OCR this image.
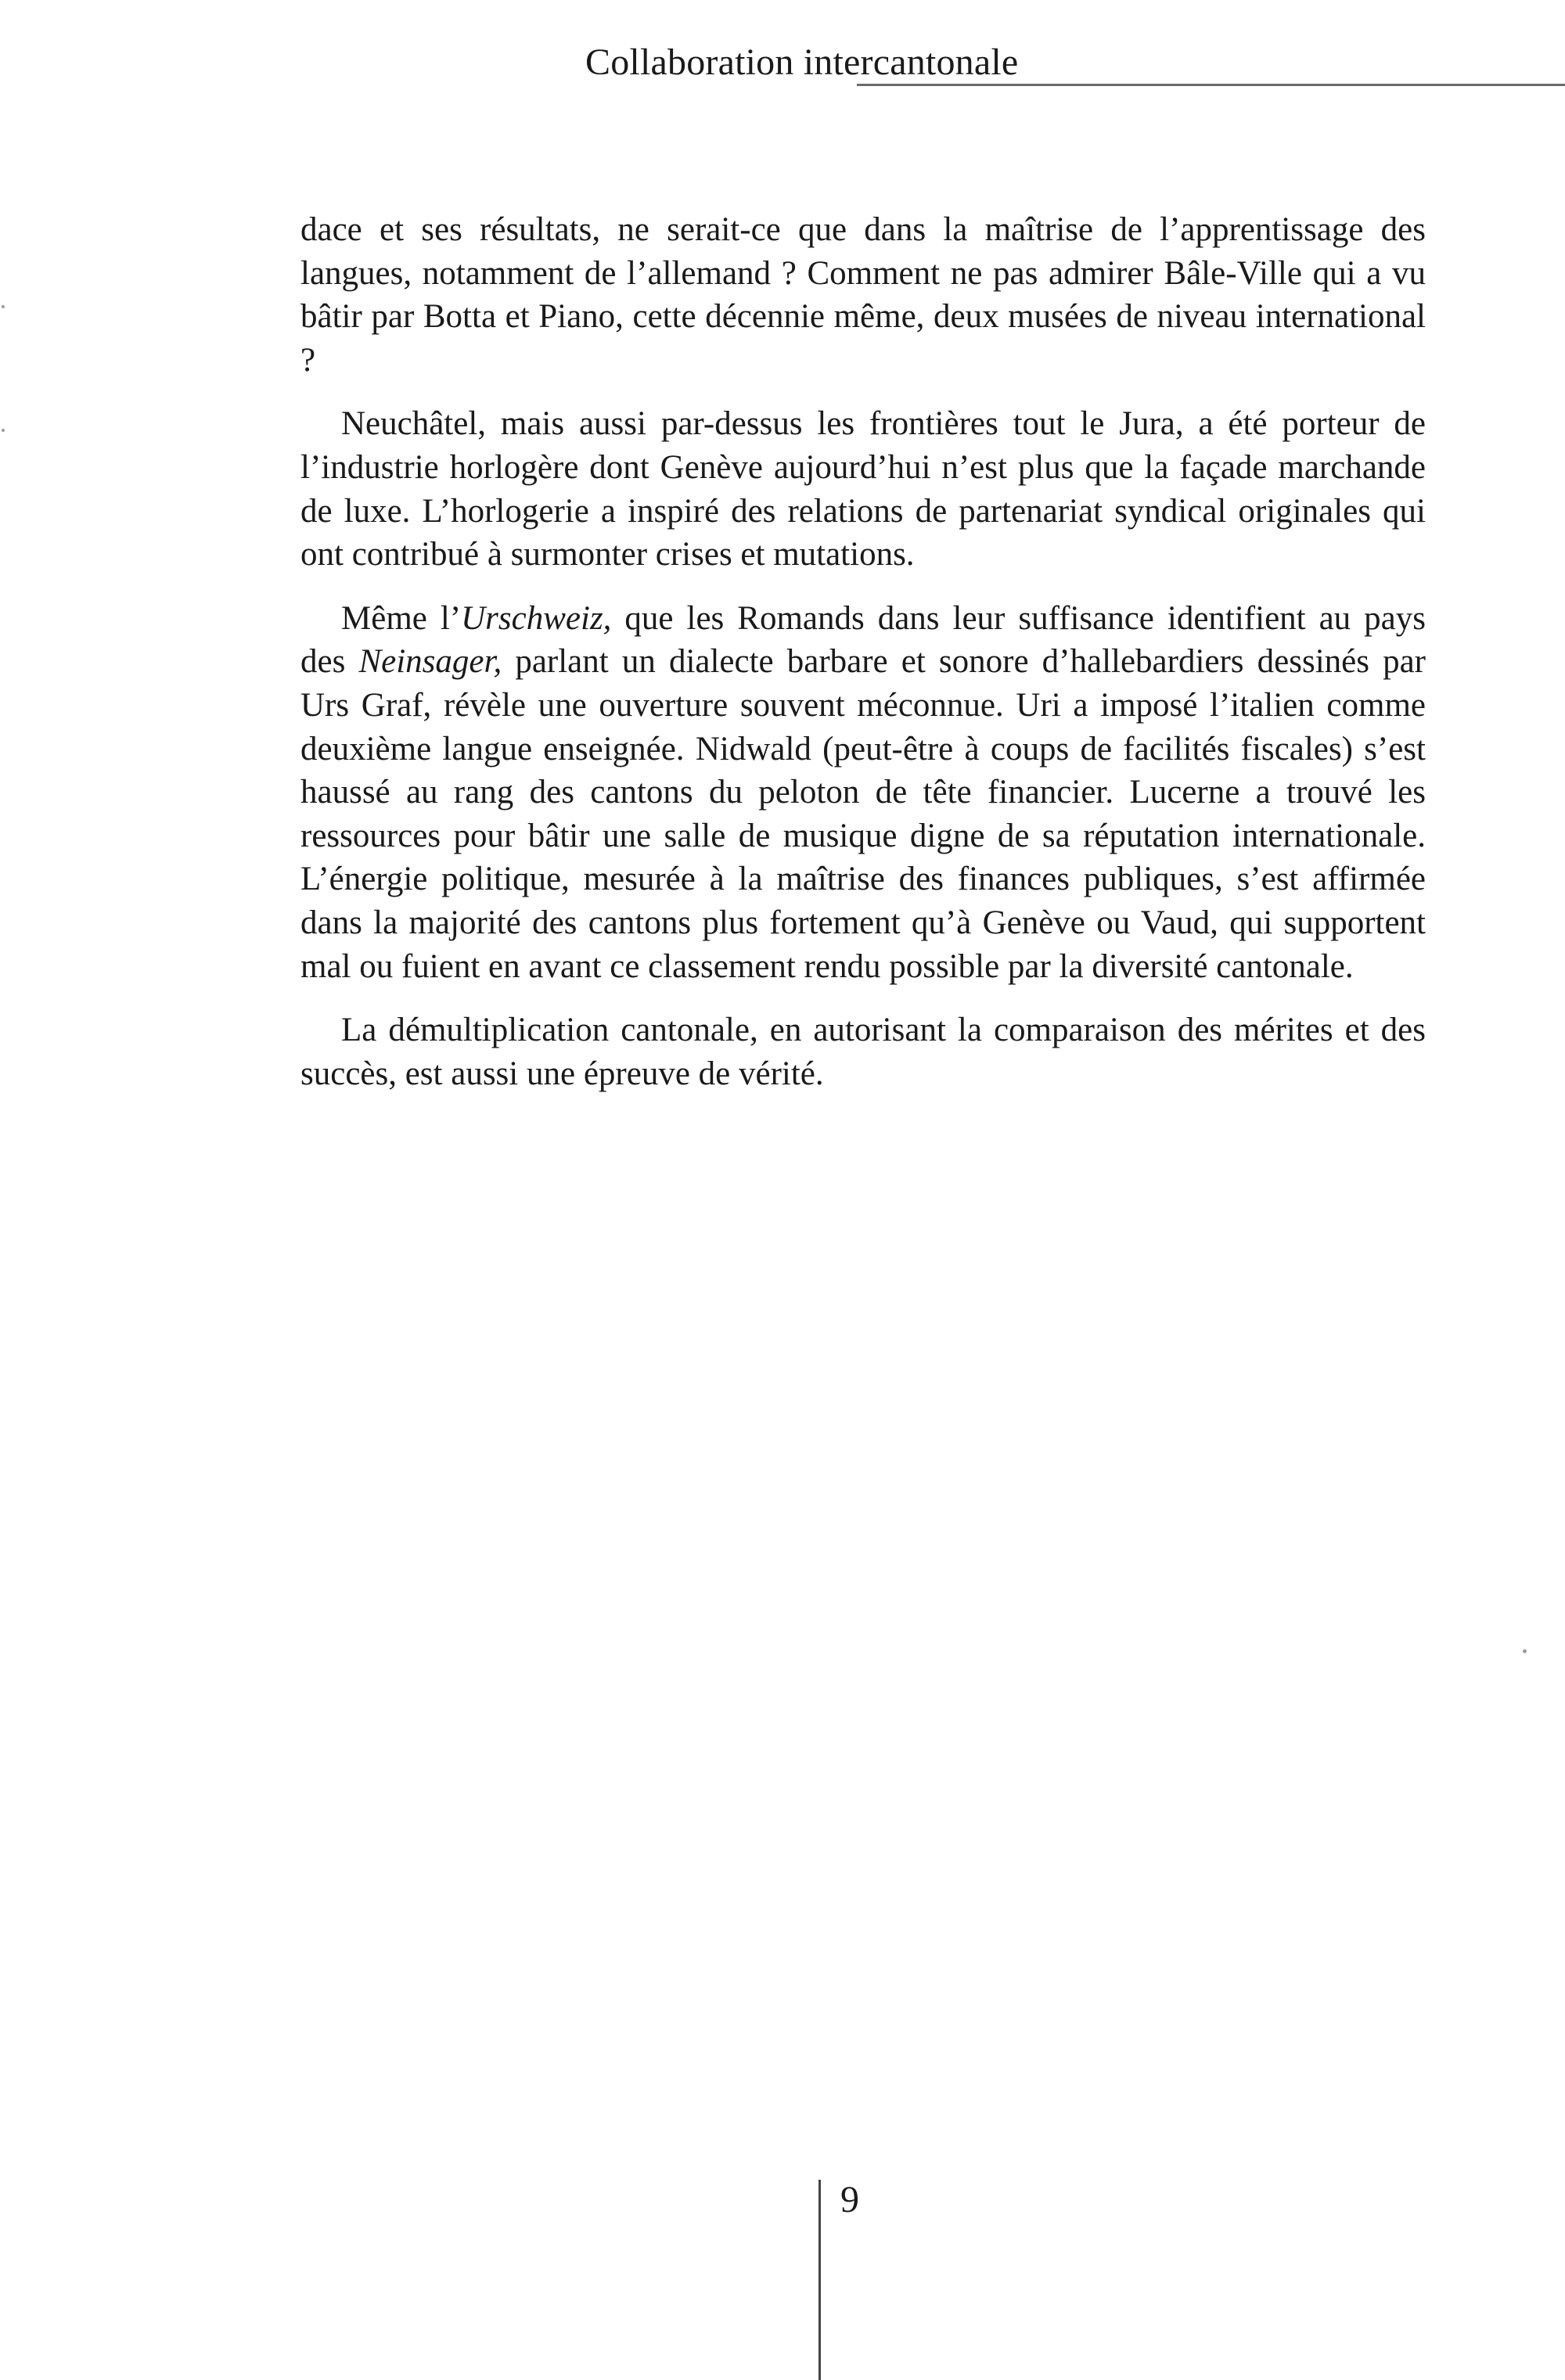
Collaboration intercantonale

dace et ses résultats, ne serait-ce que dans la maîtrise de l’apprentissage des langues, notamment de l’allemand ? Comment ne pas admirer Bâle-Ville qui a vu bâtir par Botta et Piano, cette décennie même, deux musées de niveau international ?

Neuchâtel, mais aussi par-dessus les frontières tout le Jura, a été porteur de l’industrie horlogère dont Genève aujourd’hui n’est plus que la façade marchande de luxe. L’horlogerie a inspiré des relations de partenariat syndical originales qui ont contribué à surmonter crises et mutations.

Même l’Urschweiz, que les Romands dans leur suffisance identifient au pays des Neinsager, parlant un dialecte barbare et sonore d’hallebardiers dessinés par Urs Graf, révèle une ouverture souvent méconnue. Uri a imposé l’italien comme deuxième langue enseignée. Nidwald (peut-être à coups de facilités fiscales) s’est haussé au rang des cantons du peloton de tête financier. Lucerne a trouvé les ressources pour bâtir une salle de musique digne de sa réputation internationale. L’énergie politique, mesurée à la maîtrise des finances publiques, s’est affirmée dans la majorité des cantons plus fortement qu’à Genève ou Vaud, qui supportent mal ou fuient en avant ce classement rendu possible par la diversité cantonale.

La démultiplication cantonale, en autorisant la comparaison des mérites et des succès, est aussi une épreuve de vérité.

9
